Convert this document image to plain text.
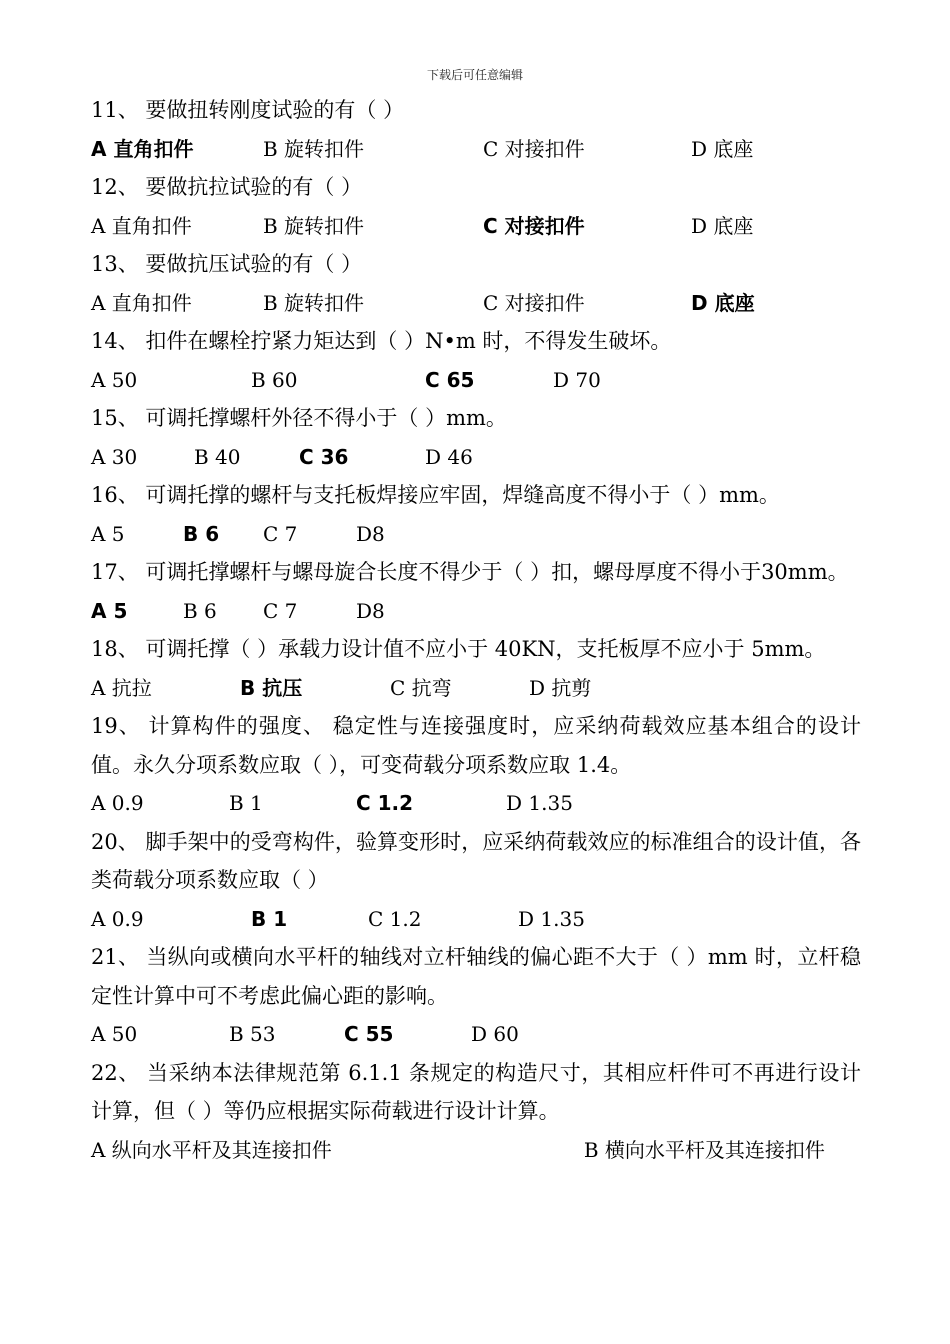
下载后可任意编辑
11、 要做扭转刚度试验的有（ ）
A 直角扣件	B 旋转扣件	C 对接扣件	D 底座
12、 要做抗拉试验的有（ ）
A 直角扣件	B 旋转扣件	C 对接扣件	D 底座
13、 要做抗压试验的有（ ）
A 直角扣件	B 旋转扣件	C 对接扣件	D 底座
14、 扣件在螺栓拧紧力矩达到（ ）N•m 时，不得发生破坏。
A 50	B 60	C 65	D 70
15、 可调托撑螺杆外径不得小于（ ）mm。
A 30	B 40	C 36	D 46
16、 可调托撑的螺杆与支托板焊接应牢固，焊缝高度不得小于（ ）mm。
A 5	B 6 C 7	D8
17、 可调托撑螺杆与螺母旋合长度不得少于（ ）扣，螺母厚度不得小于30mm。
A 5	B 6 C 7	D8
18、 可调托撑（ ）承载力设计值不应小于 40KN，支托板厚不应小于 5mm。
A 抗拉	B 抗压	C 抗弯	D 抗剪
19、 计算构件的强度、 稳定性与连接强度时，应采纳荷载效应基本组合的设计值。永久分项系数应取（ ），可变荷载分项系数应取 1.4。
A 0.9	B 1	C 1.2	D 1.35
20、 脚手架中的受弯构件，验算变形时，应采纳荷载效应的标准组合的设计值，各类荷载分项系数应取（ ）
A 0.9	B 1	C 1.2	D 1.35
21、 当纵向或横向水平杆的轴线对立杆轴线的偏心距不大于（ ）mm 时，立杆稳定性计算中可不考虑此偏心距的影响。
A 50	B 53	C 55	D 60
22、 当采纳本法律规范第 6.1.1 条规定的构造尺寸，其相应杆件可不再进行设计计算，但（ ）等仍应根据实际荷载进行设计计算。
A 纵向水平杆及其连接扣件	B 横向水平杆及其连接扣件
